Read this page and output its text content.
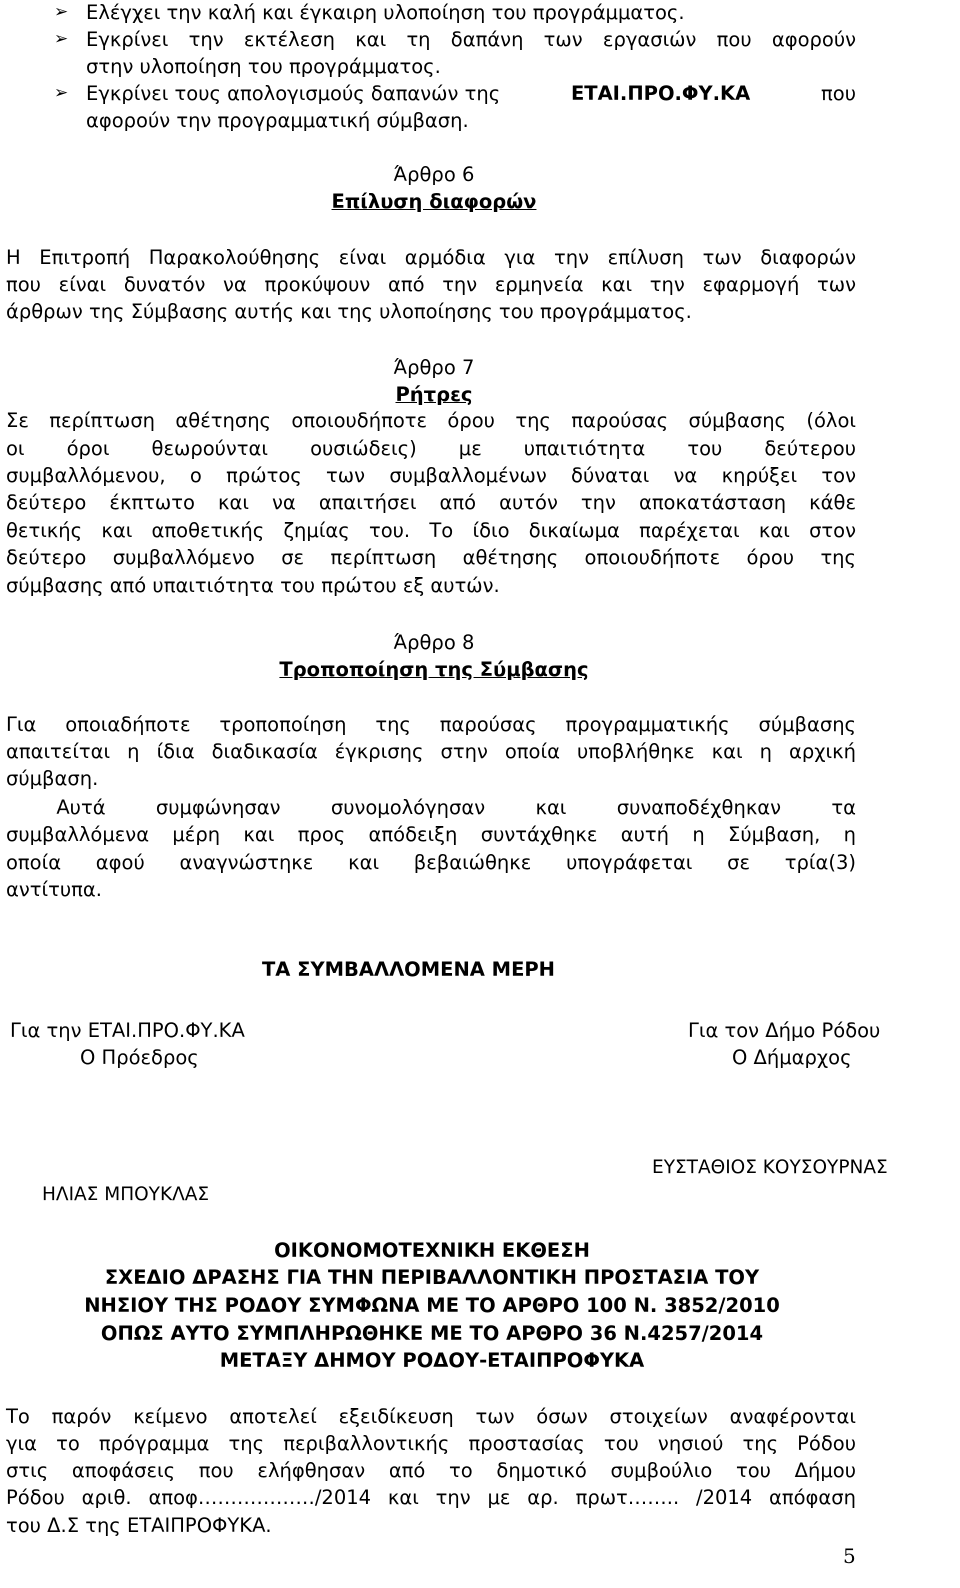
➢ Ελέγχει την καλή και έγκαιρη υλοποίηση του προγράμματος.
➢ Εγκρίνει την εκτέλεση και τη δαπάνη των εργασιών που αφορούν
στην υλοποίηση του προγράμματος.
➢ Εγκρίνει τους απολογισμούς δαπανών της	ΕΤΑΙ.ΠΡΟ.ΦΥ.ΚΑ	που
αφορούν την προγραμματική σύμβαση.
Άρθρο 6
Επίλυση διαφορών
Η Επιτροπή Παρακολούθησης είναι αρμόδια για την επίλυση των διαφορών
που είναι δυνατόν να προκύψουν από την ερμηνεία και την εφαρμογή των
άρθρων της Σύμβασης αυτής και της υλοποίησης του προγράμματος.
Άρθρο 7
Ρήτρες
Σε περίπτωση αθέτησης οποιουδήποτε όρου της παρούσας σύμβασης (όλοι
οι όροι θεωρούνται ουσιώδεις) με υπαιτιότητα του δεύτερου
συμβαλλόμενου, ο πρώτος των συμβαλλομένων δύναται να κηρύξει τον
δεύτερο έκπτωτο και να απαιτήσει από αυτόν την αποκατάσταση κάθε
θετικής και αποθετικής ζημίας του. Το ίδιο δικαίωμα παρέχεται και στον
δεύτερο συμβαλλόμενο σε περίπτωση αθέτησης οποιουδήποτε όρου της
σύμβασης από υπαιτιότητα του πρώτου εξ αυτών.
Άρθρο 8
Τροποποίηση της Σύμβασης
Για οποιαδήποτε τροποποίηση της παρούσας προγραμματικής σύμβασης
απαιτείται η ίδια διαδικασία έγκρισης στην οποία υποβλήθηκε και η αρχική
σύμβαση.
Αυτά συμφώνησαν συνομολόγησαν και συναποδέχθηκαν τα
συμβαλλόμενα μέρη και προς απόδειξη συντάχθηκε αυτή η Σύμβαση, η
οποία αφού αναγνώστηκε και βεβαιώθηκε υπογράφεται σε τρία(3)
αντίτυπα.
ΤΑ ΣΥΜΒΑΛΛΟΜΕΝΑ ΜΕΡΗ
Για την ΕΤΑΙ.ΠΡΟ.ΦΥ.ΚΑ
Ο Πρόεδρος
Για τον Δήμο Ρόδου
Ο Δήμαρχος
ΕΥΣΤΑΘΙΟΣ ΚΟΥΣΟΥΡΝΑΣ
ΗΛΙΑΣ ΜΠΟΥΚΛΑΣ
ΟΙΚΟΝΟΜΟΤΕΧΝΙΚΗ ΕΚΘΕΣΗ
ΣΧΕΔΙΟ ΔΡΑΣΗΣ ΓΙΑ ΤΗΝ ΠΕΡΙΒΑΛΛΟΝΤΙΚΗ ΠΡΟΣΤΑΣΙΑ ΤΟΥ
ΝΗΣΙΟΥ ΤΗΣ ΡΟΔΟΥ ΣΥΜΦΩΝΑ ΜΕ ΤΟ ΑΡΘΡΟ 100 Ν. 3852/2010
ΟΠΩΣ ΑΥΤΟ ΣΥΜΠΛΗΡΩΘΗΚΕ ΜΕ ΤΟ ΑΡΘΡΟ 36 Ν.4257/2014
ΜΕΤΑΞΥ ΔΗΜΟΥ ΡΟΔΟΥ-ΕΤΑΙΠΡΟΦΥΚΑ
Το παρόν κείμενο αποτελεί εξειδίκευση των όσων στοιχείων αναφέρονται
για το πρόγραμμα της περιβαλλοντικής προστασίας του νησιού της Ρόδου
στις αποφάσεις που ελήφθησαν από το δημοτικό συμβούλιο του Δήμου
Ρόδου αριθ. αποφ………………/2014 και την με αρ. πρωτ…….. /2014 απόφαση
του Δ.Σ της ΕΤΑΙΠΡΟΦΥΚΑ.
5
